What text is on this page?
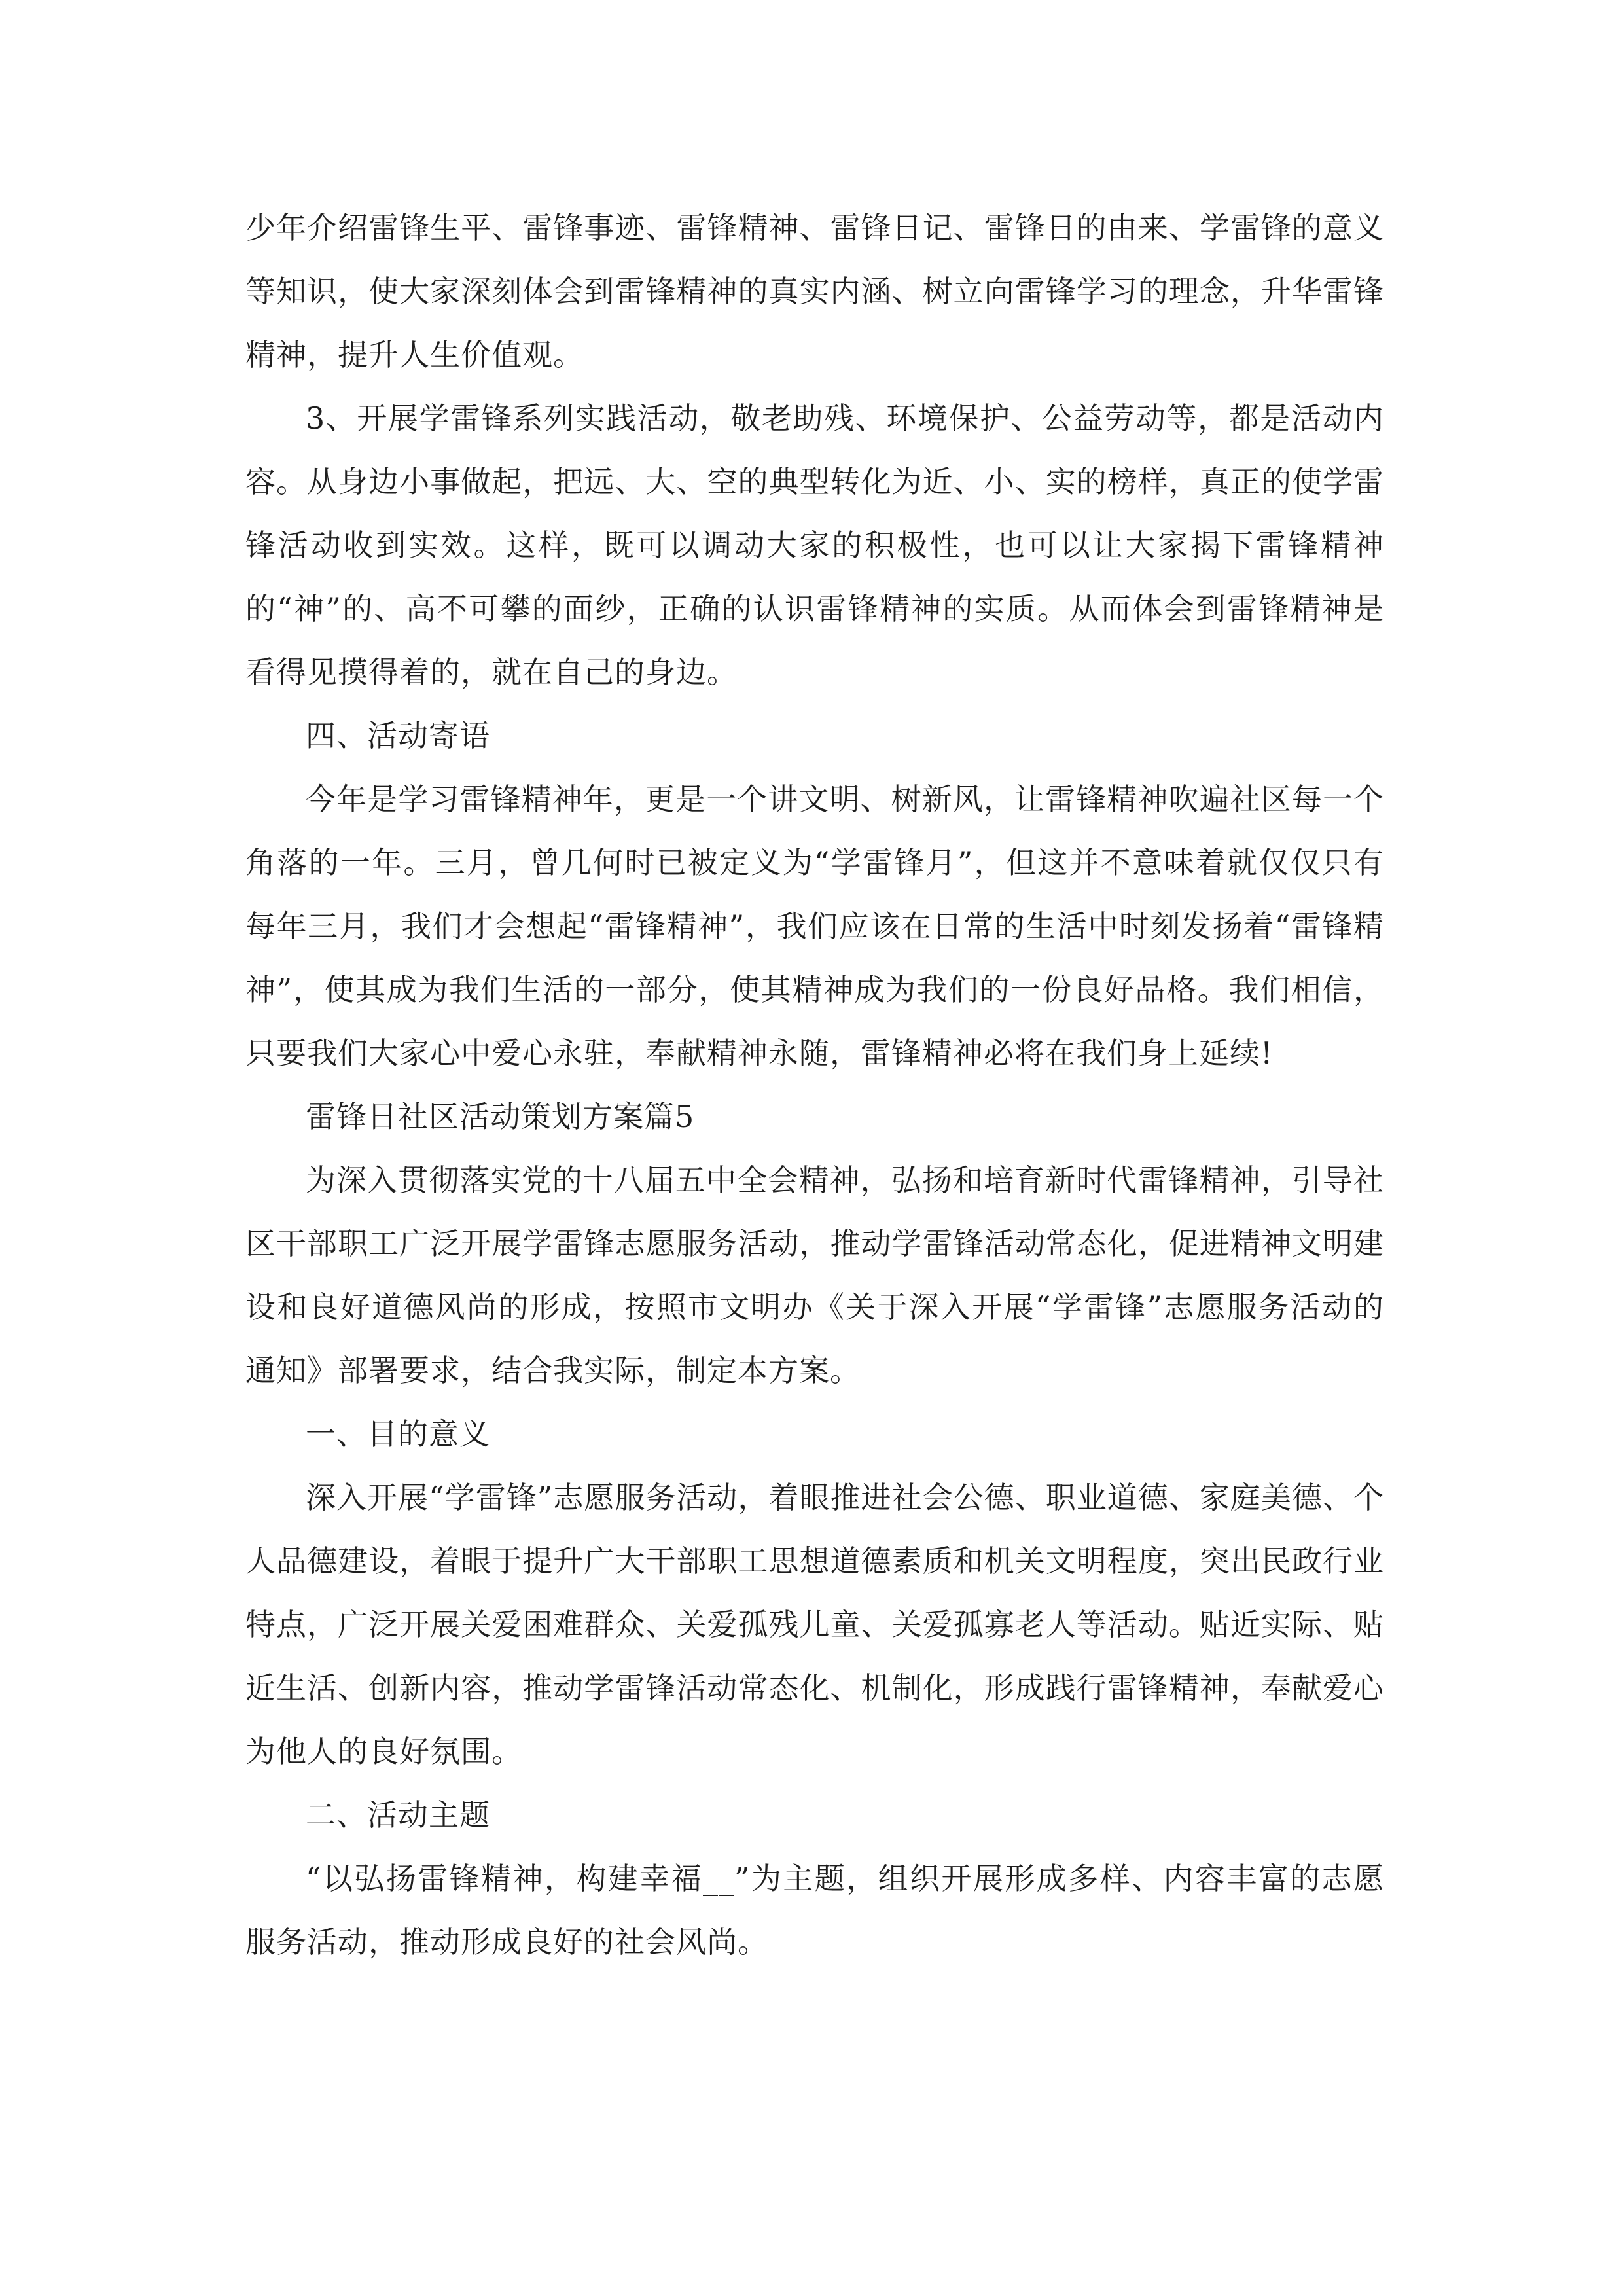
少年介绍雷锋生平、雷锋事迹、雷锋精神、雷锋日记、雷锋日的由来、学雷锋的意义等知识，使大家深刻体会到雷锋精神的真实内涵、树立向雷锋学习的理念，升华雷锋精神，提升人生价值观。

3、开展学雷锋系列实践活动，敬老助残、环境保护、公益劳动等，都是活动内容。从身边小事做起，把远、大、空的典型转化为近、小、实的榜样，真正的使学雷锋活动收到实效。这样，既可以调动大家的积极性，也可以让大家揭下雷锋精神的“神”的、高不可攀的面纱，正确的认识雷锋精神的实质。从而体会到雷锋精神是看得见摸得着的，就在自己的身边。

四、活动寄语

今年是学习雷锋精神年，更是一个讲文明、树新风，让雷锋精神吹遍社区每一个角落的一年。三月，曾几何时已被定义为“学雷锋月”，但这并不意味着就仅仅只有每年三月，我们才会想起“雷锋精神”，我们应该在日常的生活中时刻发扬着“雷锋精神”，使其成为我们生活的一部分，使其精神成为我们的一份良好品格。我们相信，只要我们大家心中爱心永驻，奉献精神永随，雷锋精神必将在我们身上延续!

雷锋日社区活动策划方案篇5

为深入贯彻落实党的十八届五中全会精神，弘扬和培育新时代雷锋精神，引导社区干部职工广泛开展学雷锋志愿服务活动，推动学雷锋活动常态化，促进精神文明建设和良好道德风尚的形成，按照市文明办《关于深入开展“学雷锋”志愿服务活动的通知》部署要求，结合我实际，制定本方案。

一、目的意义

深入开展“学雷锋”志愿服务活动，着眼推进社会公德、职业道德、家庭美德、个人品德建设，着眼于提升广大干部职工思想道德素质和机关文明程度，突出民政行业特点，广泛开展关爱困难群众、关爱孤残儿童、关爱孤寡老人等活动。贴近实际、贴近生活、创新内容，推动学雷锋活动常态化、机制化，形成践行雷锋精神，奉献爱心为他人的良好氛围。

二、活动主题

“以弘扬雷锋精神，构建幸福__”为主题，组织开展形成多样、内容丰富的志愿服务活动，推动形成良好的社会风尚。
